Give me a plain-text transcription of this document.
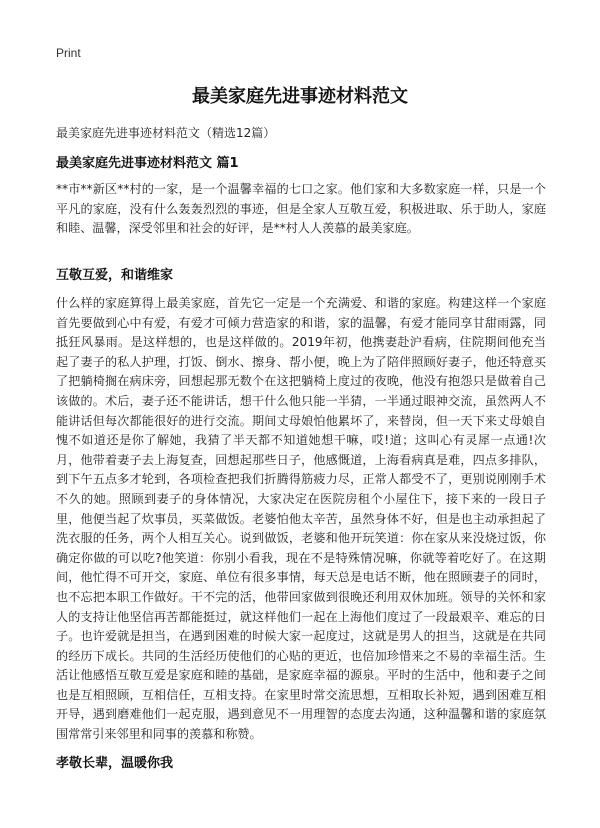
Print
最美家庭先进事迹材料范文
最美家庭先进事迹材料范文（精选12篇）
最美家庭先进事迹材料范文 篇1
**市**新区**村的一家，是一个温馨幸福的七口之家。他们家和大多数家庭一样，只是一个平凡的家庭，没有什么轰轰烈烈的事迹，但是全家人互敬互爱，积极进取、乐于助人，家庭和睦、温馨，深受邻里和社会的好评，是**村人人羡慕的最美家庭。
互敬互爱，和谐维家
什么样的家庭算得上最美家庭，首先它一定是一个充满爱、和谐的家庭。构建这样一个家庭首先要做到心中有爱，有爱才可倾力营造家的和谐，家的温馨，有爱才能同享甘甜雨露，同抵狂风暴雨。是这样想的，也是这样做的。2019年初，他携妻赴沪看病，住院期间他充当起了妻子的私人护理，打饭、倒水、擦身、帮小便，晚上为了陪伴照顾好妻子，他还特意买了把躺椅搁在病床旁，回想起那无数个在这把躺椅上度过的夜晚，他没有抱怨只是做着自己该做的。术后，妻子还不能讲话，想干什么他只能一半猜，一半通过眼神交流，虽然两人不能讲话但每次都能很好的进行交流。期间丈母娘怕他累坏了，来替岗，但一天下来丈母娘自愧不如道还是你了解她，我猜了半天都不知道她想干嘛，哎!道；这叫心有灵犀一点通!次月，他带着妻子去上海复查，回想起那些日子，他感慨道，上海看病真是难，四点多排队，到下午五点多才轮到，各项检查把我们折腾得筋疲力尽，正常人都受不了，更别说刚刚手术不久的她。照顾到妻子的身体情况，大家决定在医院房租个小屋住下，接下来的一段日子里，他便当起了炊事员，买菜做饭。老婆怕他太辛苦，虽然身体不好，但是也主动承担起了洗衣服的任务，两个人相互关心。说到做饭，老婆和他开玩笑道：你在家从来没烧过饭，你确定你做的可以吃?他笑道：你别小看我，现在不是特殊情况嘛，你就等着吃好了。在这期间，他忙得不可开交，家庭、单位有很多事情，每天总是电话不断，他在照顾妻子的同时，也不忘把本职工作做好。干不完的活，他带回家做到很晚还利用双休加班。领导的关怀和家人的支持让他坚信再苦都能挺过，就这样他们一起在上海他们度过了一段最艰辛、难忘的日子。也许爱就是担当，在遇到困难的时候大家一起度过，这就是男人的担当，这就是在共同的经历下成长。共同的生活经历使他们的心贴的更近，也倍加珍惜来之不易的幸福生活。生活让他感悟互敬互爱是家庭和睦的基础，是家庭幸福的源泉。平时的生活中，他和妻子之间也是互相照顾，互相信任，互相支持。在家里时常交流思想，互相取长补短，遇到困难互相开导，遇到磨难他们一起克服，遇到意见不一用理智的态度去沟通，这种温馨和谐的家庭氛围常常引来邻里和同事的羡慕和称赞。
孝敬长辈，温暖你我
